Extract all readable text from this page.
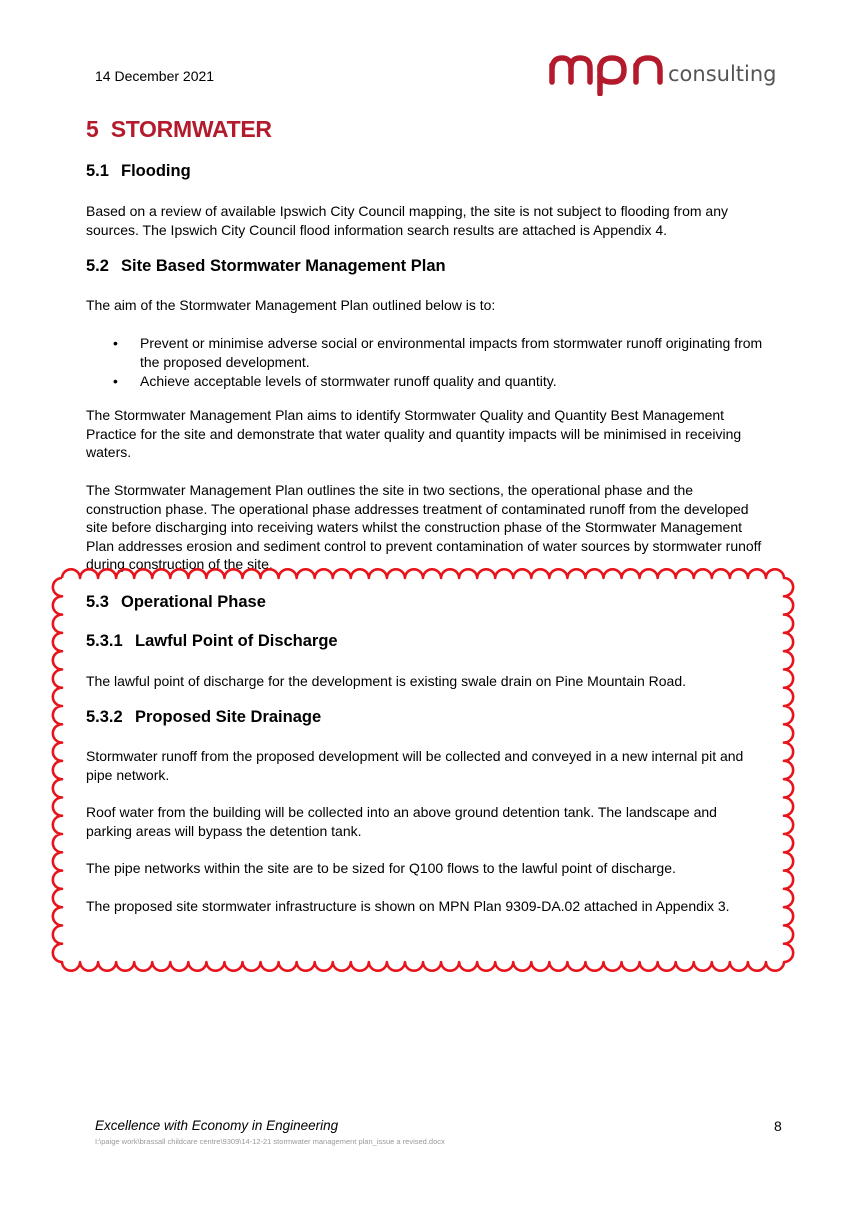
14 December 2021	consulting
5 STORMWATER
5.1 Flooding
Based on a review of available Ipswich City Council mapping, the site is not subject to flooding from any sources. The Ipswich City Council flood information search results are attached is Appendix 4.
5.2 Site Based Stormwater Management Plan
The aim of the Stormwater Management Plan outlined below is to:
• Prevent or minimise adverse social or environmental impacts from stormwater runoff originating from the proposed development.
• Achieve acceptable levels of stormwater runoff quality and quantity.
The Stormwater Management Plan aims to identify Stormwater Quality and Quantity Best Management Practice for the site and demonstrate that water quality and quantity impacts will be minimised in receiving waters.
The Stormwater Management Plan outlines the site in two sections, the operational phase and the construction phase. The operational phase addresses treatment of contaminated runoff from the developed site before discharging into receiving waters whilst the construction phase of the Stormwater Management Plan addresses erosion and sediment control to prevent contamination of water sources by stormwater runoff during construction of the site.
5.3 Operational Phase
5.3.1 Lawful Point of Discharge
The lawful point of discharge for the development is existing swale drain on Pine Mountain Road.
5.3.2 Proposed Site Drainage
Stormwater runoff from the proposed development will be collected and conveyed in a new internal pit and pipe network.
Roof water from the building will be collected into an above ground detention tank. The landscape and parking areas will bypass the detention tank.
The pipe networks within the site are to be sized for Q100 flows to the lawful point of discharge.
The proposed site stormwater infrastructure is shown on MPN Plan 9309-DA.02 attached in Appendix 3.
Excellence with Economy in Engineering
I:\paige work\brassall childcare centre\9309\14-12-21 stormwater management plan_issue a revised.docx
8
